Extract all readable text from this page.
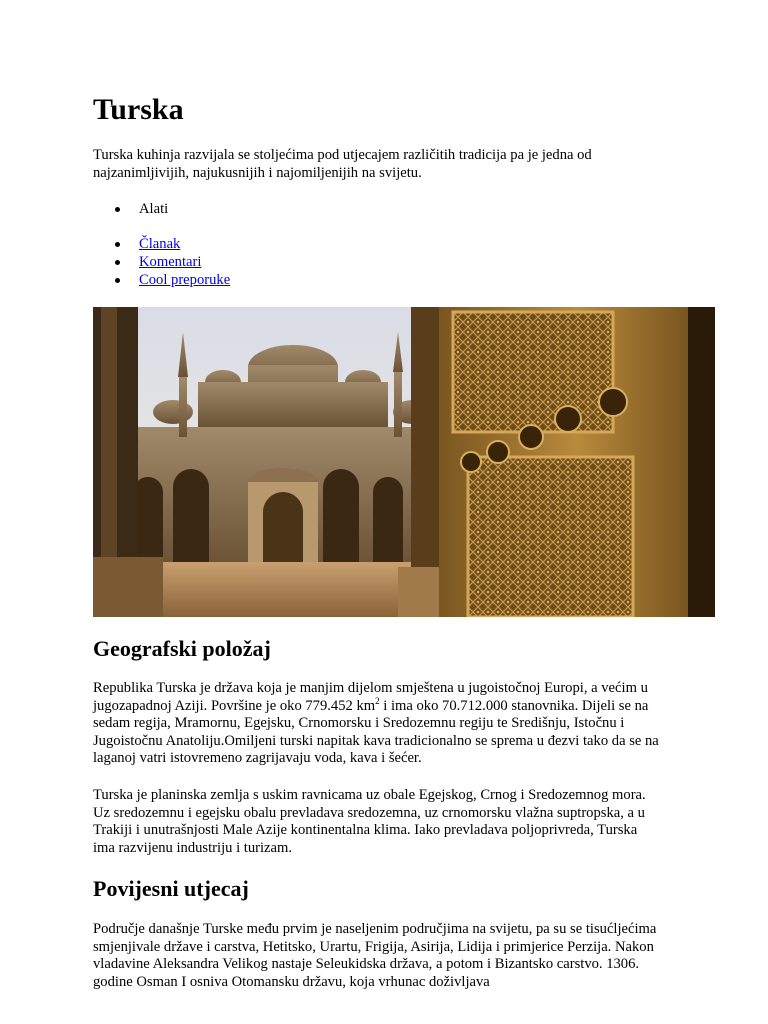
Turska

Turska kuhinja razvijala se stoljećima pod utjecajem različitih tradicija pa je jedna od najzanimljivijih, najukusnijih i najomiljenijih na svijetu.

Alati
Članak
Komentari
Cool preporuke
Geografski položaj

Republika Turska je država koja je manjim dijelom smještena u jugoistočnoj Europi, a većim u jugozapadnoj Aziji. Površine je oko 779.452 $km^2$ i ima oko 70.712.000 stanovnika. Dijeli se na sedam regija, Mramornu, Egejsku, Crnomorsku i Sredozemnu regiju te Središnju, Istočnu i Jugoistočnu Anatoliju.Omiljeni turski napitak kava tradicionalno se sprema u đezvi tako da se na laganoj vatri istovremeno zagrijavaju voda, kava i šećer.

Turska je planinska zemlja s uskim ravnicama uz obale Egejskog, Crnog i Sredozemnog mora. Uz sredozemnu i egejsku obalu prevladava sredozemna, uz crnomorsku vlažna suptropska, a u Trakiji i unutrašnjosti Male Azije kontinentalna klima. Iako prevladava poljoprivreda, Turska ima razvijenu industriju i turizam.

Povijesni utjecaj

Područje današnje Turske među prvim je naseljenim područjima na svijetu, pa su se tisućljećima smjenjivale države i carstva, Hetitsko, Urartu, Frigija, Asirija, Lidija i primjerice Perzija. Nakon vladavine Aleksandra Velikog nastaje Seleukidska država, a potom i Bizantsko carstvo. 1306. godine Osman I osniva Otomansku državu, koja vrhunac doživljava
